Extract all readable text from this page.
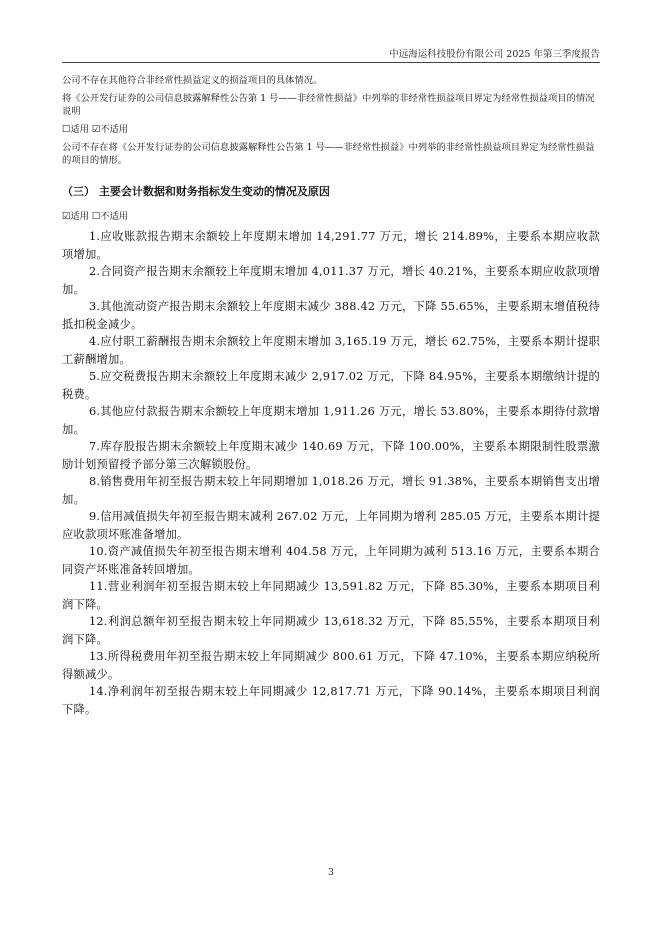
中远海运科技股份有限公司 2025 年第三季度报告

公司不存在其他符合非经常性损益定义的损益项目的具体情况。

将《公开发行证券的公司信息披露解释性公告第 1 号——非经常性损益》中列举的非经常性损益项目界定为经常性损益项目的情况说明

☐适用 ☑不适用

公司不存在将《公开发行证券的公司信息披露解释性公告第 1 号——非经常性损益》中列举的非经常性损益项目界定为经常性损益的项目的情形。

（三） 主要会计数据和财务指标发生变动的情况及原因

☑适用 ☐不适用

1.应收账款报告期末余额较上年度期末增加 14,291.77 万元，增长 214.89%，主要系本期应收款项增加。

2.合同资产报告期末余额较上年度期末增加 4,011.37 万元，增长 40.21%，主要系本期应收款项增加。

3.其他流动资产报告期末余额较上年度期末减少 388.42 万元，下降 55.65%，主要系期末增值税待抵扣税金减少。

4.应付职工薪酬报告期末余额较上年度期末增加 3,165.19 万元，增长 62.75%，主要系本期计提职工薪酬增加。

5.应交税费报告期末余额较上年度期末减少 2,917.02 万元，下降 84.95%，主要系本期缴纳计提的税费。

6.其他应付款报告期末余额较上年度期末增加 1,911.26 万元，增长 53.80%，主要系本期待付款增加。

7.库存股报告期末余额较上年度期末减少 140.69 万元，下降 100.00%，主要系本期限制性股票激励计划预留授予部分第三次解锁股份。

8.销售费用年初至报告期末较上年同期增加 1,018.26 万元，增长 91.38%，主要系本期销售支出增加。

9.信用减值损失年初至报告期末减利 267.02 万元，上年同期为增利 285.05 万元，主要系本期计提应收款项坏账准备增加。

10.资产减值损失年初至报告期末增利 404.58 万元，上年同期为减利 513.16 万元，主要系本期合同资产坏账准备转回增加。

11.营业利润年初至报告期末较上年同期减少 13,591.82 万元，下降 85.30%，主要系本期项目利润下降。

12.利润总额年初至报告期末较上年同期减少 13,618.32 万元，下降 85.55%，主要系本期项目利润下降。

13.所得税费用年初至报告期末较上年同期减少 800.61 万元，下降 47.10%，主要系本期应纳税所得额减少。

14.净利润年初至报告期末较上年同期减少 12,817.71 万元，下降 90.14%，主要系本期项目利润下降。

3
